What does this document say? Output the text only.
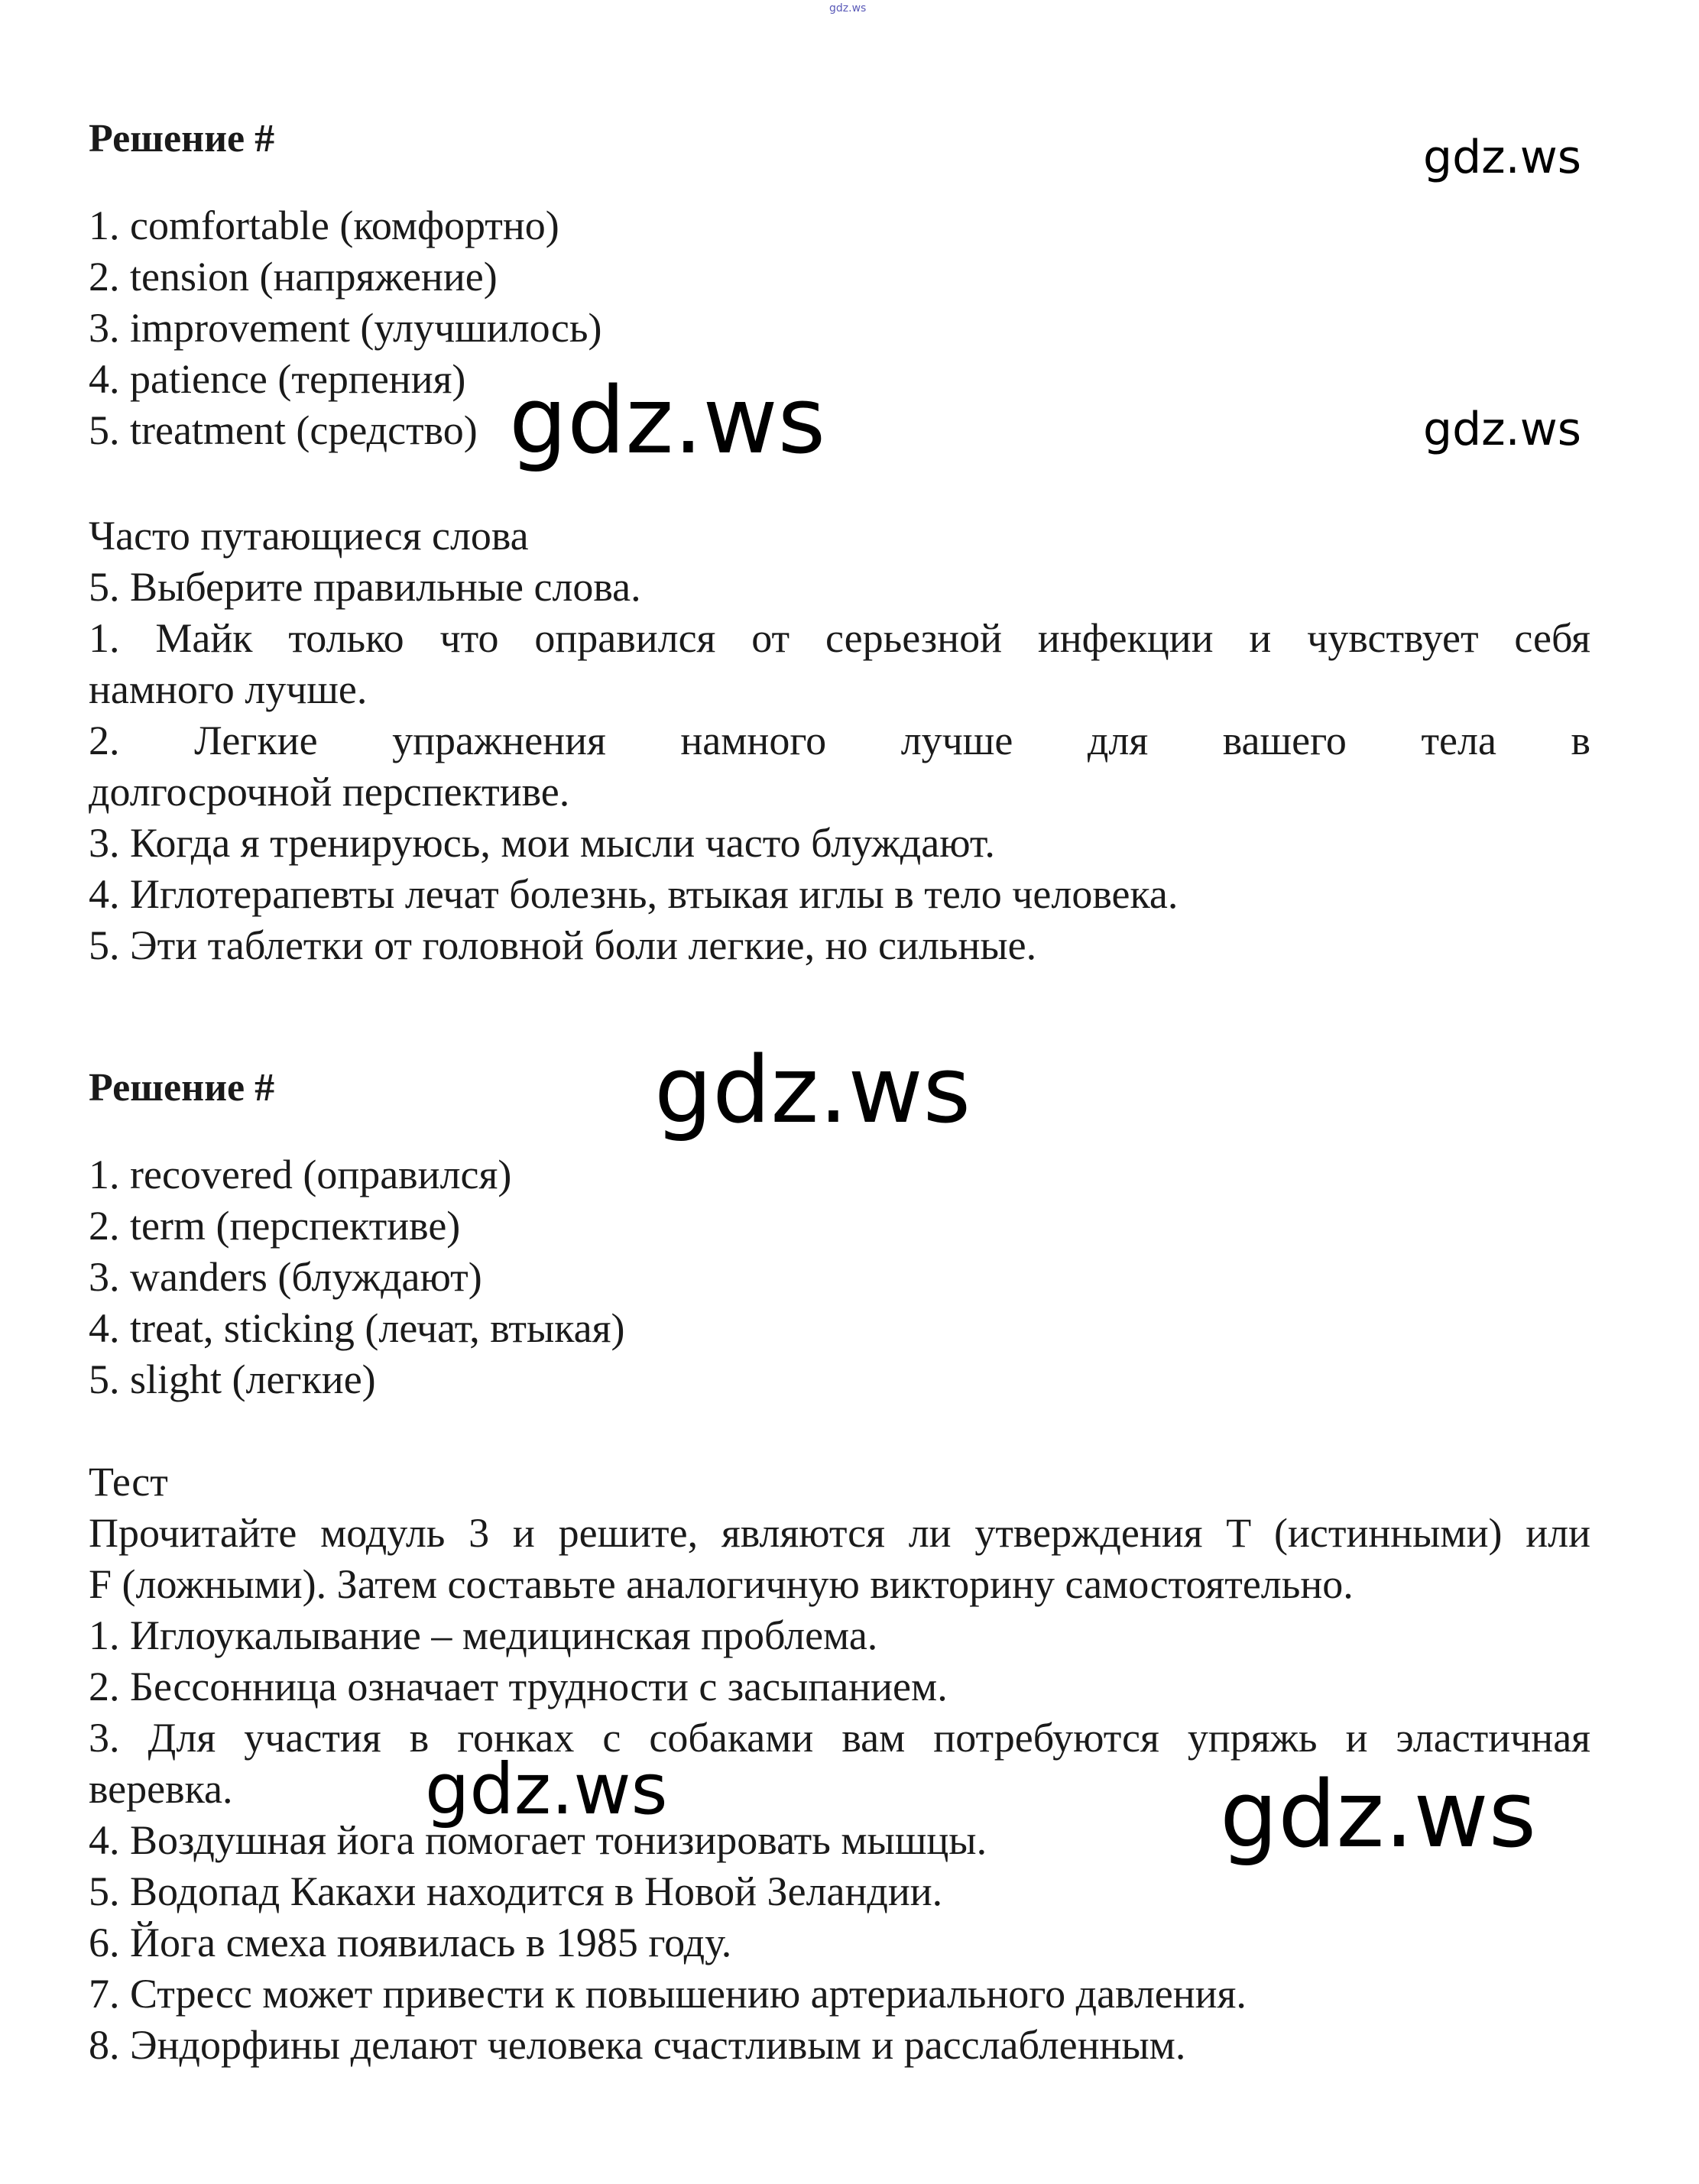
gdz.ws
Решение #	gdz.ws
1. comfortable (комфортно)
2. tension (напряжение)
3. improvement (улучшилось)
4. patience (терпения)
5. treatment (средство) gdz.ws	gdz.ws
Часто путающиеся слова
5. Выберите правильные слова.
1. Майк только что оправился от серьезной инфекции и чувствует себя
намного лучше.
2. Легкие упражнения намного лучше для вашего тела в
долгосрочной перспективе.
3. Когда я тренируюсь, мои мысли часто блуждают.
4. Иглотерапевты лечат болезнь, втыкая иглы в тело человека.
5. Эти таблетки от головной боли легкие, но сильные.
Решение #	gdz.ws
1. recovered (оправился)
2. term (перспективе)
3. wanders (блуждают)
4. treat, sticking (лечат, втыкая)
5. slight (легкие)
Тест
Прочитайте модуль 3 и решите, являются ли утверждения T (истинными) или
F (ложными). Затем составьте аналогичную викторину самостоятельно.
1. Иглоукалывание – медицинская проблема.
2. Бессонница означает трудности с засыпанием.
3. Для участия в гонках с собаками вам потребуются упряжь и эластичная
веревка.
4. Воздушная йога помогает тонизировать мышцы.
5. Водопад Какахи находится в Новой Зеландии.
6. Йога смеха появилась в 1985 году.
7. Стресс может привести к повышению артериального давления.
8. Эндорфины делают человека счастливым и расслабленным.
gdz.ws	gdz.ws
